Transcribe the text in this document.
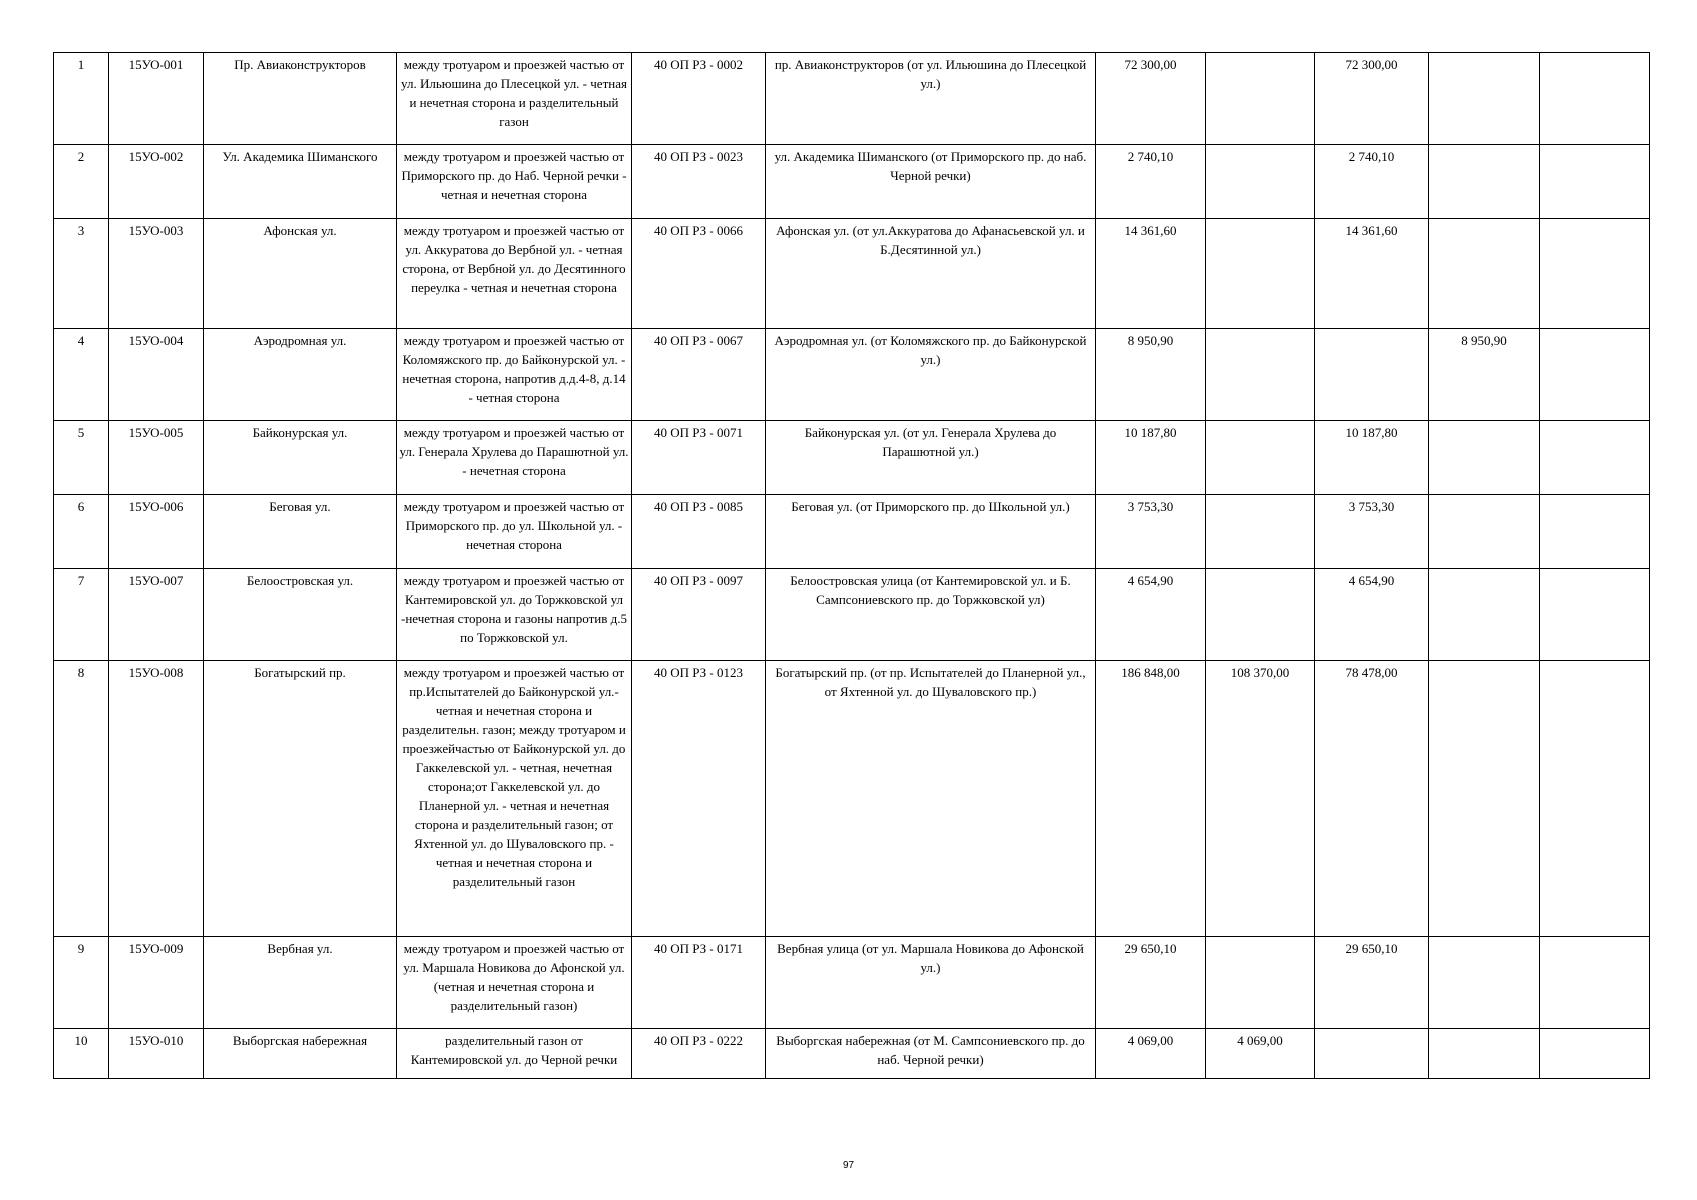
1	15УО-001	Пр. Авиаконструкторов	между тротуаром и проезжей частью от ул. Ильюшина до Плесецкой ул. - четная и нечетная сторона и разделительный газон	40 ОП РЗ - 0002	пр. Авиаконструкторов (от ул. Ильюшина до Плесецкой ул.)	72 300,00		72 300,00		
2	15УО-002	Ул. Академика Шиманского	между тротуаром и проезжей частью от Приморского пр. до Наб. Черной речки - четная и нечетная сторона	40 ОП РЗ - 0023	ул. Академика Шиманского (от Приморского пр. до наб. Черной речки)	2 740,10		2 740,10		
3	15УО-003	Афонская ул.	между тротуаром и проезжей частью от ул. Аккуратова до Вербной ул. - четная сторона, от Вербной ул. до Десятинного переулка - четная и нечетная сторона	40 ОП РЗ - 0066	Афонская ул. (от ул.Аккуратова до Афанасьевской ул. и Б.Десятинной ул.)	14 361,60		14 361,60		
4	15УО-004	Аэродромная ул.	между тротуаром и проезжей частью от Коломяжского пр. до Байконурской ул. - нечетная сторона, напротив д.д.4-8, д.14 - четная сторона	40 ОП РЗ - 0067	Аэродромная ул. (от Коломяжского пр. до Байконурской ул.)	8 950,90			8 950,90	
5	15УО-005	Байконурская ул.	между тротуаром и проезжей частью от ул. Генерала Хрулева до Парашютной ул. - нечетная сторона	40 ОП РЗ - 0071	Байконурская ул. (от ул. Генерала Хрулева до Парашютной ул.)	10 187,80		10 187,80		
6	15УО-006	Беговая ул.	между тротуаром и проезжей частью от Приморского пр. до ул. Школьной ул. - нечетная сторона	40 ОП РЗ - 0085	Беговая ул. (от Приморского пр. до Школьной ул.)	3 753,30		3 753,30		
7	15УО-007	Белоостровская ул.	между тротуаром и проезжей частью от Кантемировской ул. до Торжковской ул -нечетная сторона и газоны напротив д.5 по Торжковской ул.	40 ОП РЗ - 0097	Белоостровская улица (от Кантемировской ул. и Б. Сампсониевского пр. до Торжковской ул)	4 654,90		4 654,90		
8	15УО-008	Богатырский пр.	между тротуаром и проезжей частью от пр.Испытателей до Байконурской ул.- четная и нечетная сторона и разделительн. газон; между тротуаром и проезжейчастью от Байконурской ул. до Гаккелевской ул. - четная, нечетная сторона;от Гаккелевской ул. до Планерной ул. - четная и нечетная сторона и разделительный газон; от Яхтенной ул. до Шуваловского пр. - четная и нечетная сторона и разделительный газон	40 ОП РЗ - 0123	Богатырский пр. (от пр. Испытателей до Планерной ул., от Яхтенной ул. до Шуваловского пр.)	186 848,00	108 370,00	78 478,00		
9	15УО-009	Вербная ул.	между тротуаром и проезжей частью от ул. Маршала Новикова до Афонской ул. (четная и нечетная сторона и разделительный газон)	40 ОП РЗ - 0171	Вербная улица (от ул. Маршала Новикова до Афонской ул.)	29 650,10		29 650,10		
10	15УО-010	Выборгская набережная	разделительный газон от Кантемировской ул. до Черной речки	40 ОП РЗ - 0222	Выборгская набережная (от М. Сампсониевского пр. до наб. Черной речки)	4 069,00	4 069,00			
97
